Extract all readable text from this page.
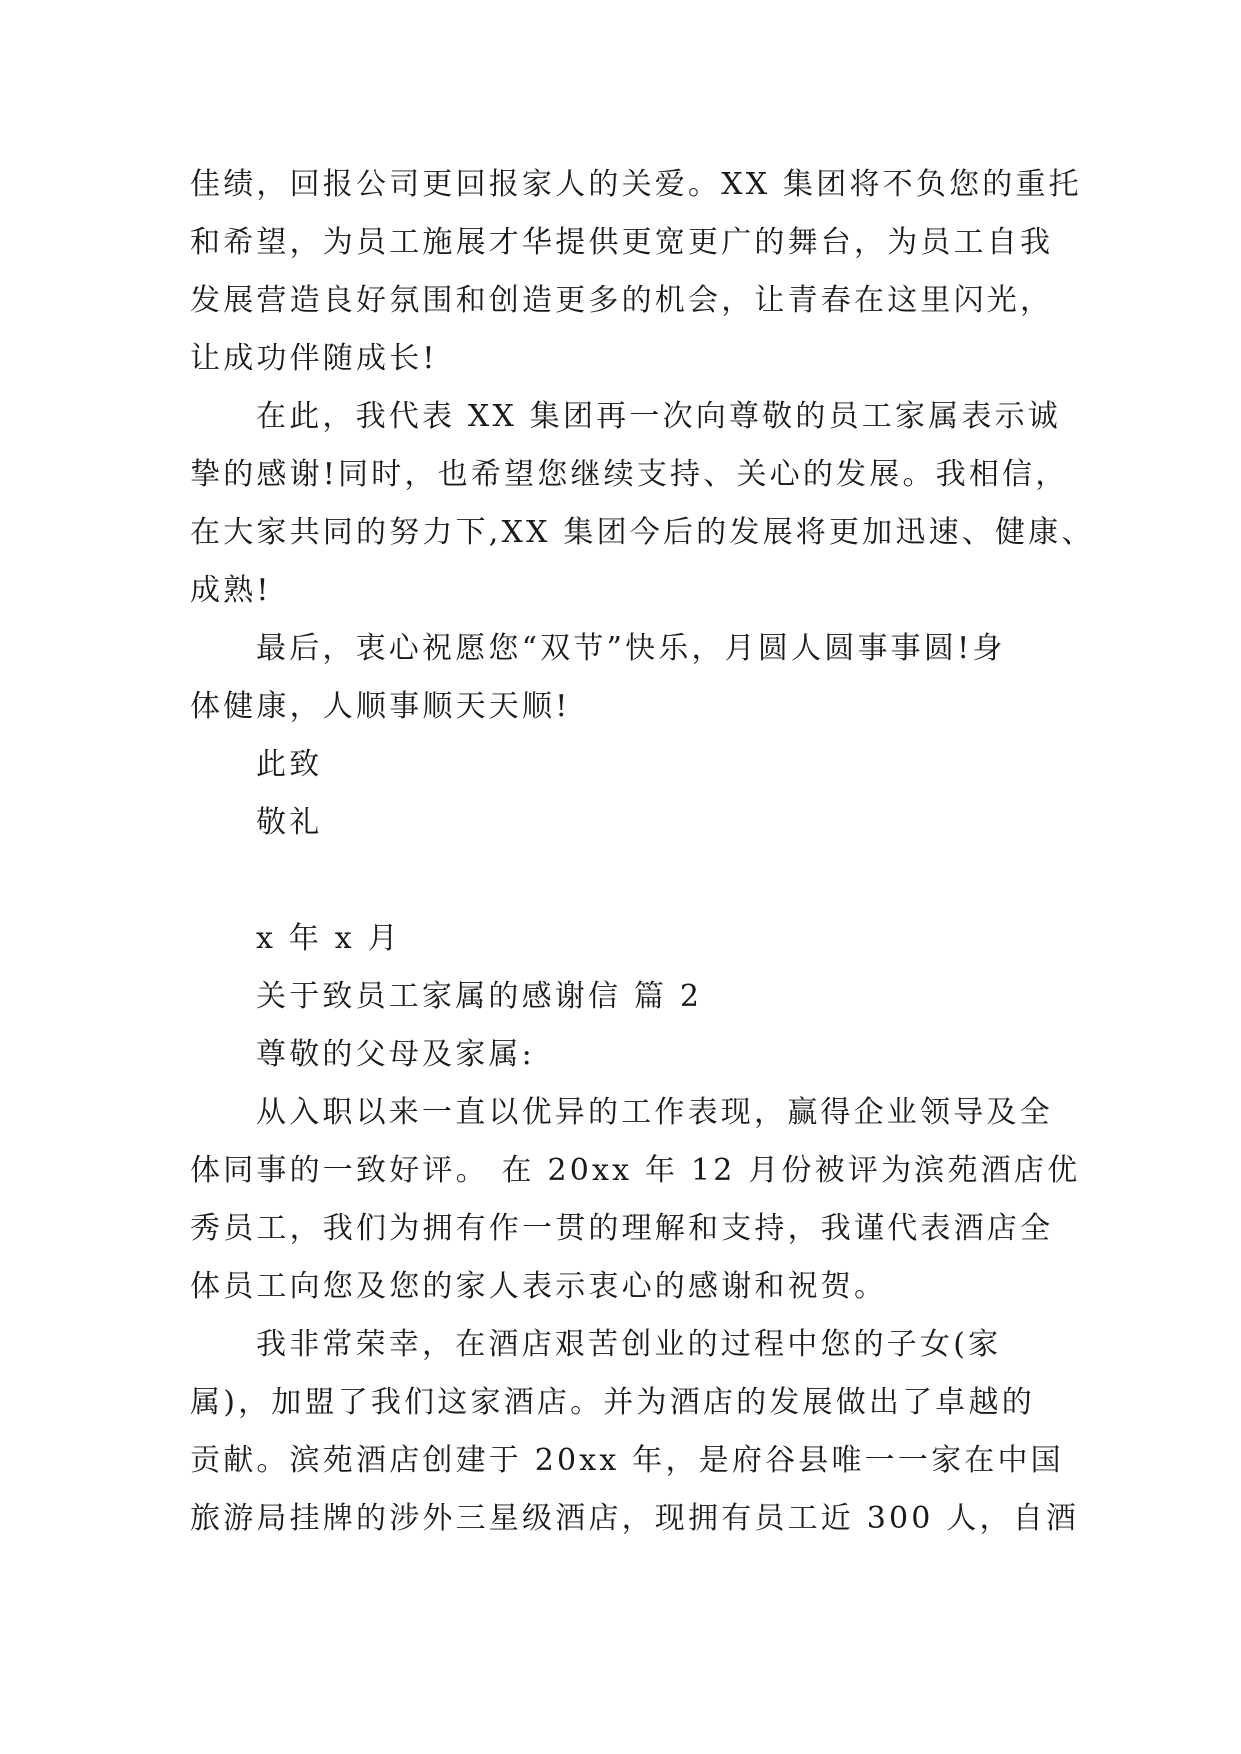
佳绩，回报公司更回报家人的关爱。XX 集团将不负您的重托
和希望，为员工施展才华提供更宽更广的舞台，为员工自我
发展营造良好氛围和创造更多的机会，让青春在这里闪光，
让成功伴随成长!
在此，我代表 XX 集团再一次向尊敬的员工家属表示诚
挚的感谢!同时，也希望您继续支持、关心的发展。我相信，
在大家共同的努力下,XX 集团今后的发展将更加迅速、健康、
成熟!
最后，衷心祝愿您“双节”快乐，月圆人圆事事圆!身
体健康，人顺事顺天天顺!
此致
敬礼
x 年 x 月
关于致员工家属的感谢信 篇 2
尊敬的父母及家属:
从入职以来一直以优异的工作表现，赢得企业领导及全
体同事的一致好评。 在 20xx 年 12 月份被评为滨苑酒店优
秀员工，我们为拥有作一贯的理解和支持，我谨代表酒店全
体员工向您及您的家人表示衷心的感谢和祝贺。
我非常荣幸，在酒店艰苦创业的过程中您的子女(家
属)，加盟了我们这家酒店。并为酒店的发展做出了卓越的
贡献。滨苑酒店创建于 20xx 年，是府谷县唯一一家在中国
旅游局挂牌的涉外三星级酒店，现拥有员工近 300 人，自酒
